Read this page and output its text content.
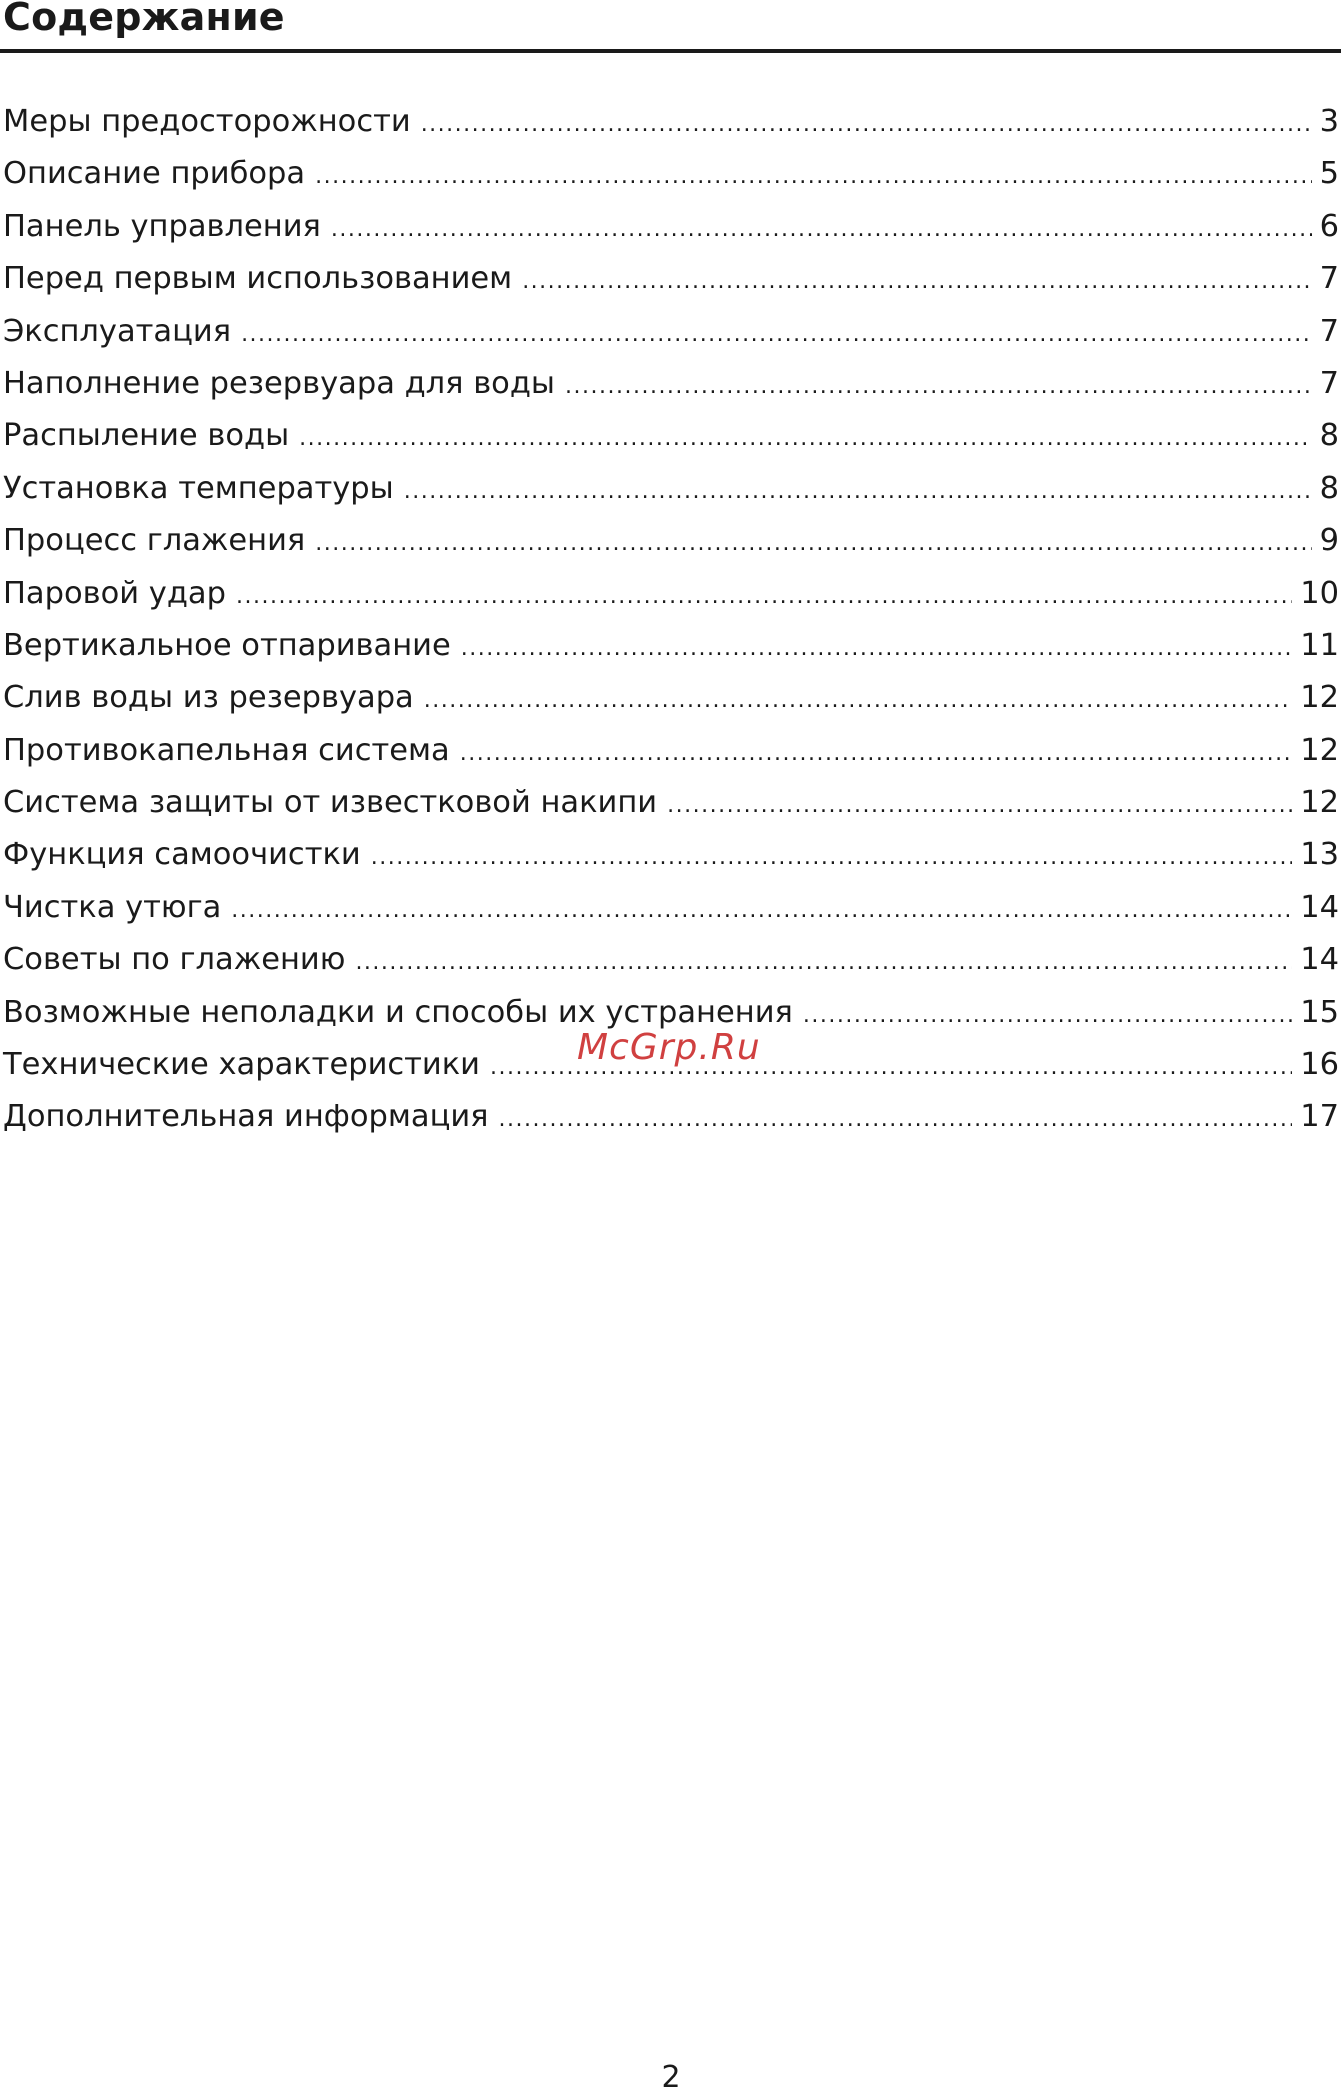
Содержание
Меры предосторожности .....	3
Описание прибора .....	5
Панель управления .....	6
Перед первым использованием .....	7
Эксплуатация .....	7
Наполнение резервуара для воды .....	7
Распыление воды .....	8
Установка температуры .....	8
Процесс глажения .....	9
Паровой удар .....	10
Вертикальное отпаривание .....	11
Слив воды из резервуара .....	12
Противокапельная система .....	12
Система защиты от известковой накипи .....	12
Функция самоочистки .....	13
Чистка утюга .....	14
Советы по глажению .....	14
Возможные неполадки и способы их устранения .....	15
Технические характеристики .....	16
Дополнительная информация .....	17
McGrp.Ru
2
